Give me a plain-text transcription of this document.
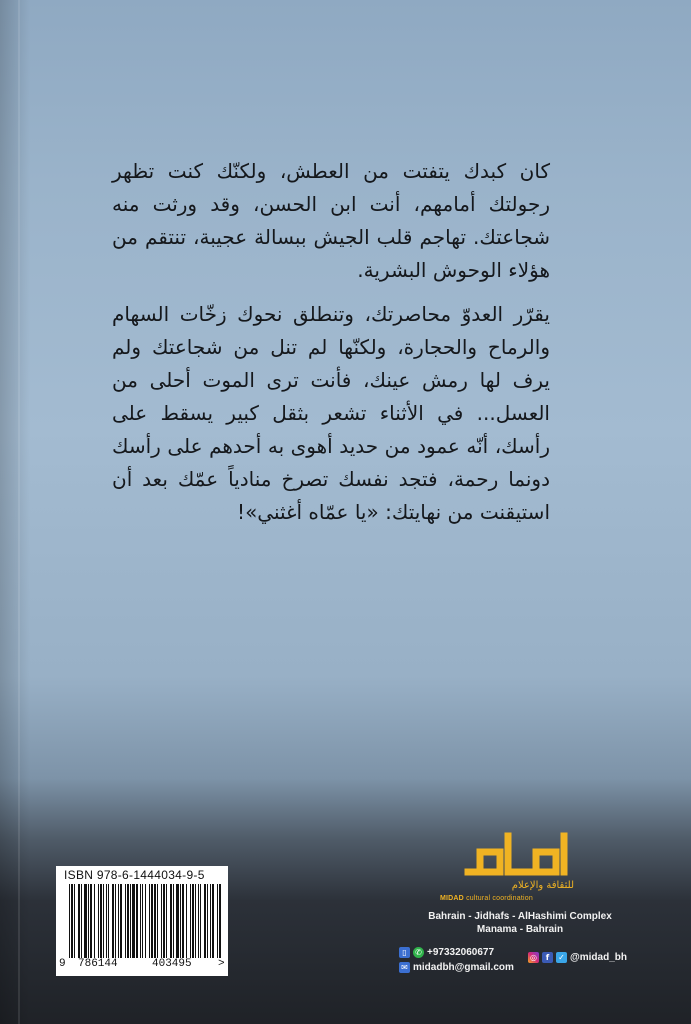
كان كبدك يتفتت من العطش، ولكنّك كنت تظهر رجولتك أمامهم، أنت ابن الحسن، وقد ورثت منه شجاعتك. تهاجم قلب الجيش ببسالة عجيبة، تنتقم من هؤلاء الوحوش البشرية.

يقرّر العدوّ محاصرتك، وتنطلق نحوك زخّات السهام والرماح والحجارة، ولكنّها لم تنل من شجاعتك ولم يرف لها رمش عينك، فأنت ترى الموت أحلى من العسل... في الأثناء تشعر بثقل كبير يسقط على رأسك، أنّه عمود من حديد أهوى به أحدهم على رأسك دونما رحمة، فتجد نفسك تصرخ منادياً عمّك بعد أن استيقنت من نهايتك: «يا عمّاه أغثني»!

ISBN 978-6-1444034-9-5
9 786144	403495 >
للثقافة والإعلام
MIDAD cultural coordination
Bahrain - Jidhafs - AlHashimi Complex
Manama - Bahrain
▯	✆ +97332060677
✉ midadbh@gmail.com
◎	f	✓ @midad_bh
